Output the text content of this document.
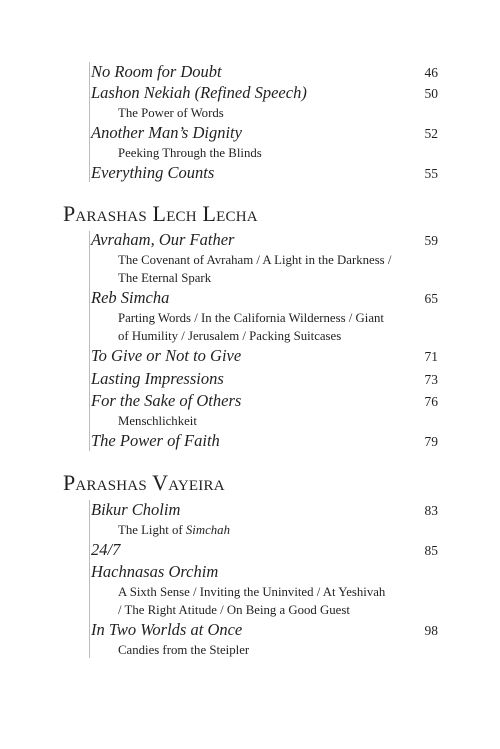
No Room for Doubt	46
Lashon Nekiah (Refined Speech)	50
The Power of Words
Another Man’s Dignity	52
Peeking Through the Blinds
Everything Counts	55
Parashas Lech Lecha
Avraham, Our Father	59
The Covenant of Avraham / A Light in the Darkness /
The Eternal Spark
Reb Simcha	65
Parting Words / In the California Wilderness / Giant
of Humility / Jerusalem / Packing Suitcases
To Give or Not to Give	71
Lasting Impressions	73
For the Sake of Others	76
Menschlichkeit
The Power of Faith	79
Parashas Vayeira
Bikur Cholim	83
The Light of Simchah
24/7	85
Hachnasas Orchim
A Sixth Sense / Inviting the Uninvited / At Yeshivah
/ The Right Atitude / On Being a Good Guest
In Two Worlds at Once	98
Candies from the Steipler
